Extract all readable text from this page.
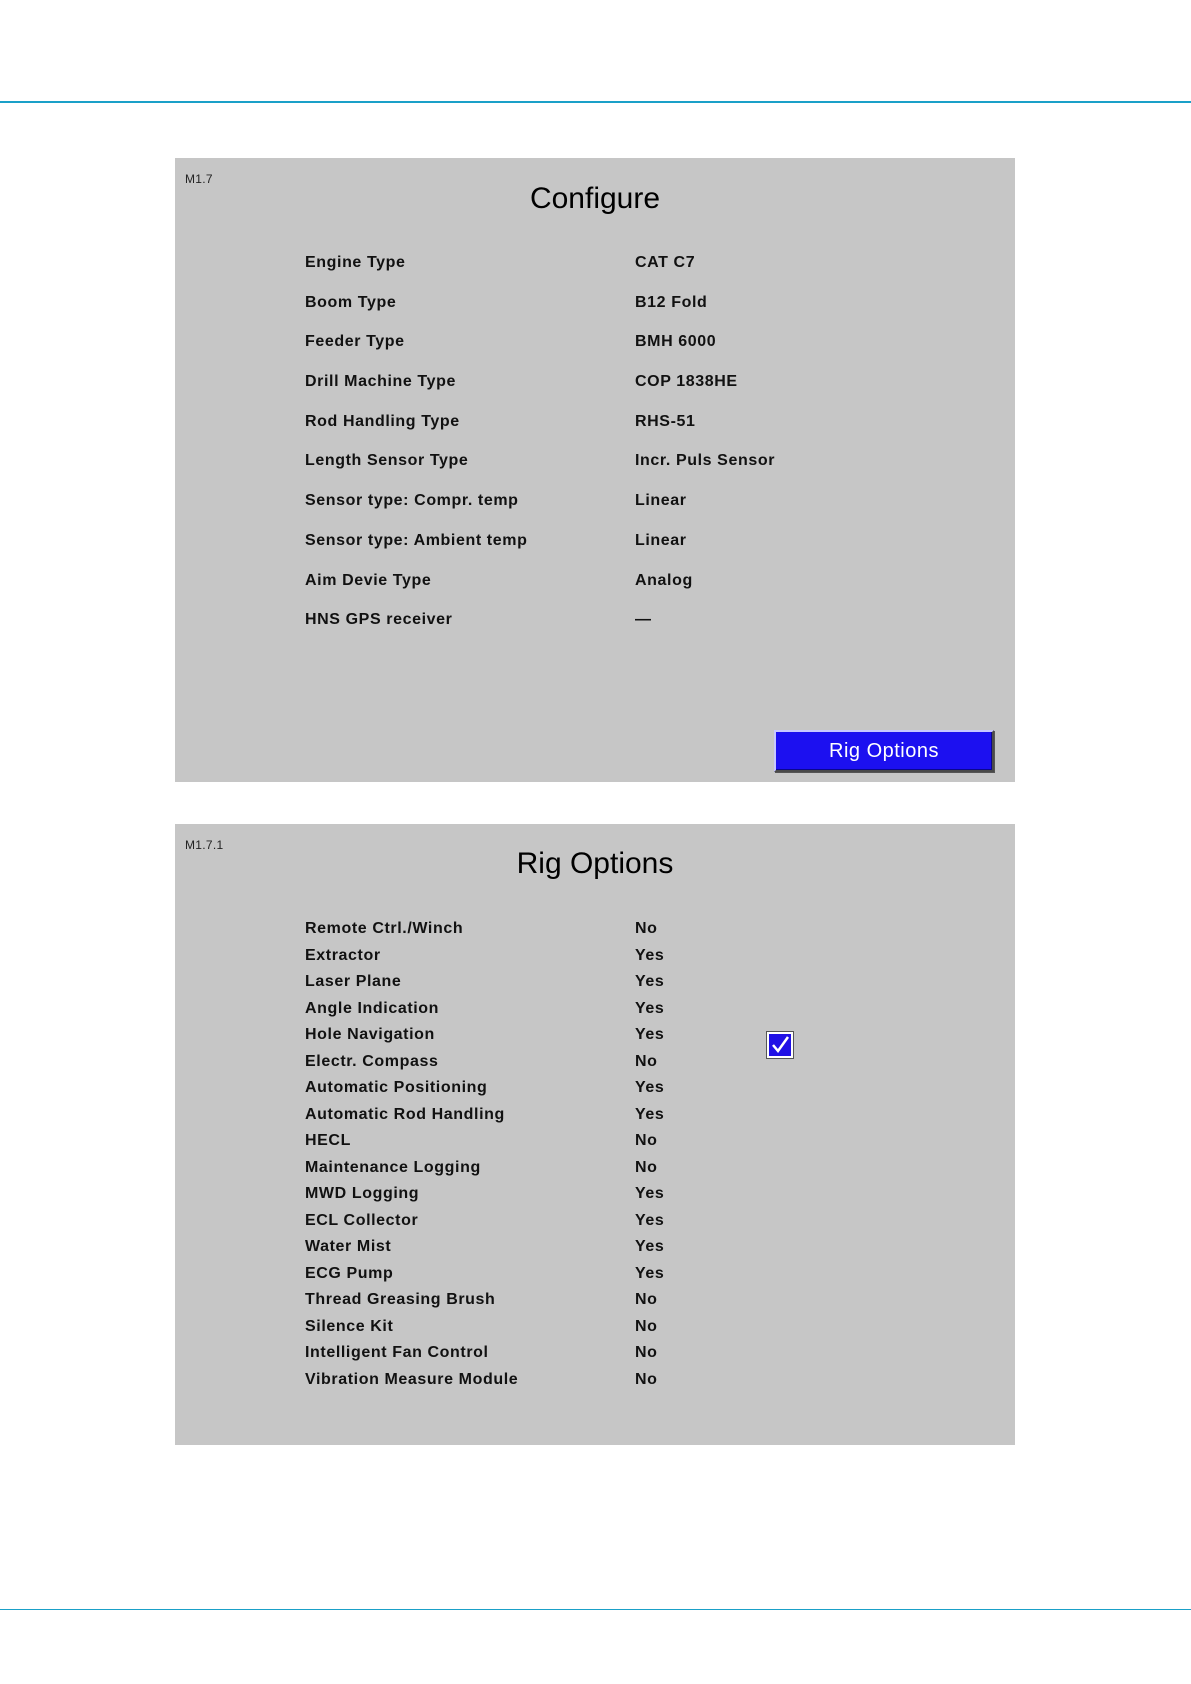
M1.7
Configure
Engine Type	CAT C7
Boom Type	B12 Fold
Feeder Type	BMH 6000
Drill Machine Type	COP 1838HE
Rod Handling Type	RHS-51
Length Sensor Type	Incr. Puls Sensor
Sensor type: Compr. temp	Linear
Sensor type: Ambient temp	Linear
Aim Devie Type	Analog
HNS GPS receiver	—
Rig Options
M1.7.1
Rig Options
Remote Ctrl./Winch	No
Extractor	Yes
Laser Plane	Yes
Angle Indication	Yes
Hole Navigation	Yes
Electr. Compass	No
Automatic Positioning	Yes
Automatic Rod Handling	Yes
HECL	No
Maintenance Logging	No
MWD Logging	Yes
ECL Collector	Yes
Water Mist	Yes
ECG Pump	Yes
Thread Greasing Brush	No
Silence Kit	No
Intelligent Fan Control	No
Vibration Measure Module	No
